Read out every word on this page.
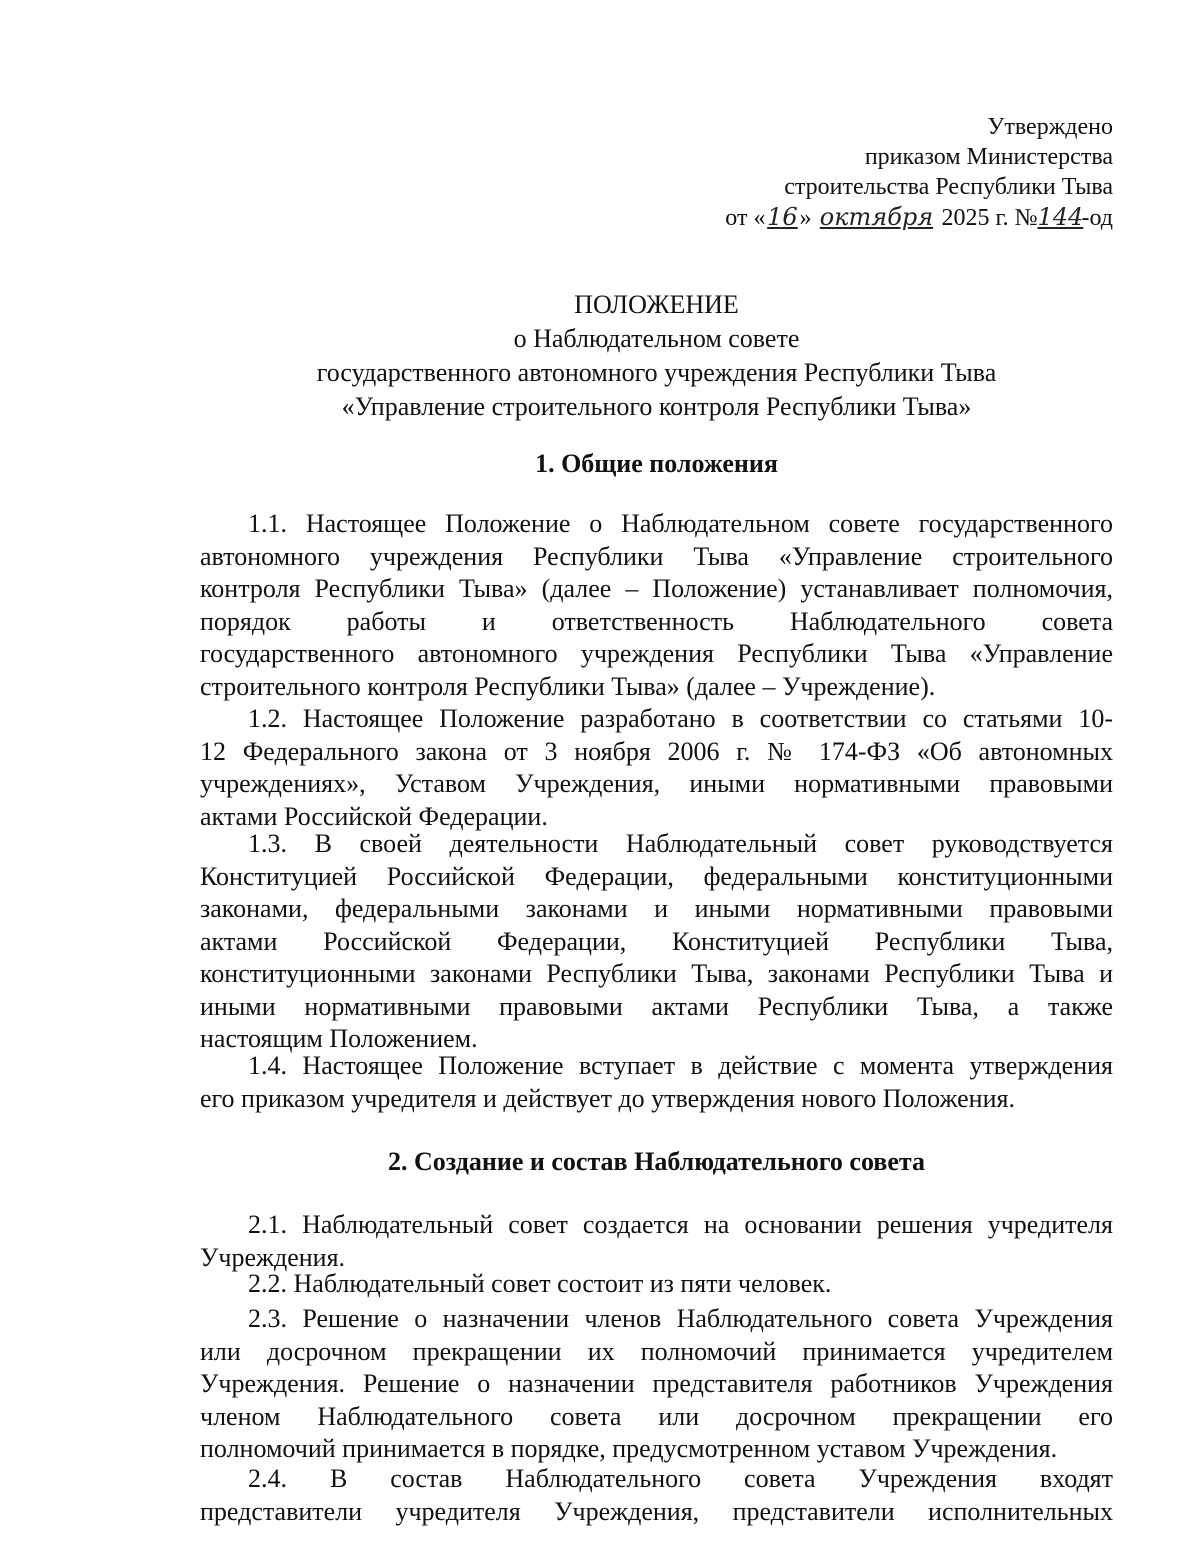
Утверждено
приказом Министерства
строительства Республики Тыва
от «16» октября 2025 г. №144-од
ПОЛОЖЕНИЕ
о Наблюдательном совете
государственного автономного учреждения Республики Тыва
«Управление строительного контроля Республики Тыва»
1. Общие положения
1.1. Настоящее Положение о Наблюдательном совете государственного
автономного учреждения Республики Тыва «Управление строительного
контроля Республики Тыва» (далее – Положение) устанавливает полномочия,
порядок работы и ответственность Наблюдательного совета
государственного автономного учреждения Республики Тыва «Управление
строительного контроля Республики Тыва» (далее – Учреждение).
1.2. Настоящее Положение разработано в соответствии со статьями 10-
12 Федерального закона от 3 ноября 2006 г. № 174-ФЗ «Об автономных
учреждениях», Уставом Учреждения, иными нормативными правовыми
актами Российской Федерации.
1.3. В своей деятельности Наблюдательный совет руководствуется
Конституцией Российской Федерации, федеральными конституционными
законами, федеральными законами и иными нормативными правовыми
актами Российской Федерации, Конституцией Республики Тыва,
конституционными законами Республики Тыва, законами Республики Тыва и
иными нормативными правовыми актами Республики Тыва, а также
настоящим Положением.
1.4. Настоящее Положение вступает в действие с момента утверждения
его приказом учредителя и действует до утверждения нового Положения.
2. Создание и состав Наблюдательного совета
2.1. Наблюдательный совет создается на основании решения учредителя
Учреждения.
2.2. Наблюдательный совет состоит из пяти человек.
2.3. Решение о назначении членов Наблюдательного совета Учреждения
или досрочном прекращении их полномочий принимается учредителем
Учреждения. Решение о назначении представителя работников Учреждения
членом Наблюдательного совета или досрочном прекращении его
полномочий принимается в порядке, предусмотренном уставом Учреждения.
2.4. В состав Наблюдательного совета Учреждения входят
представители учредителя Учреждения, представители исполнительных
